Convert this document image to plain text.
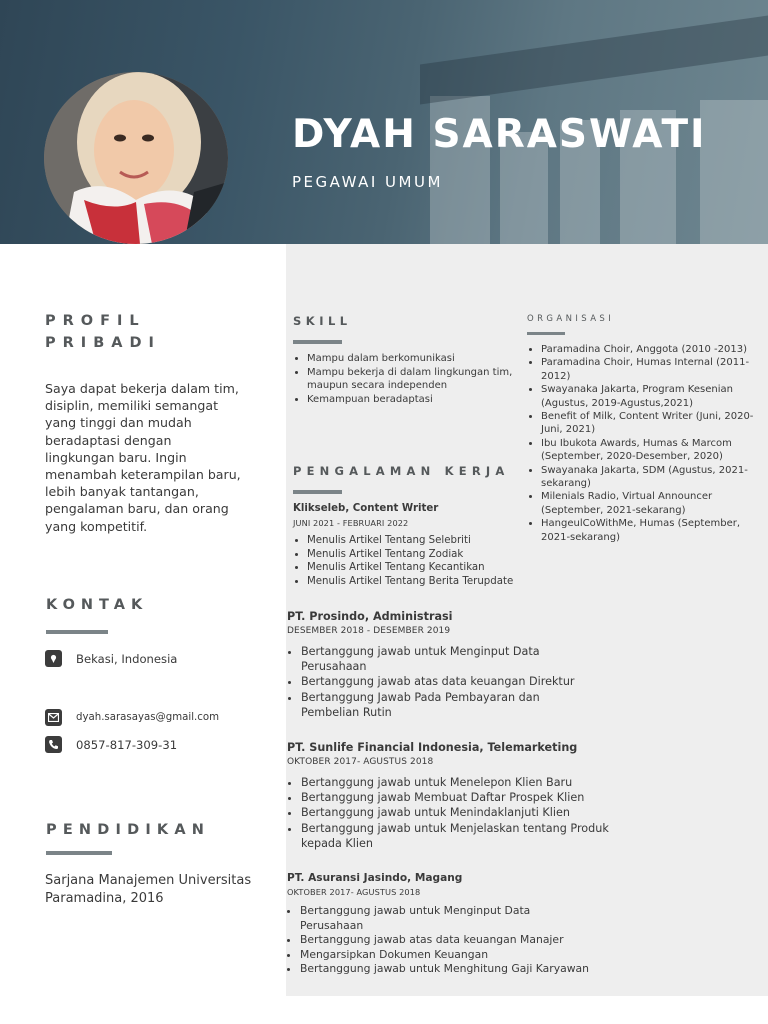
DYAH SARASWATI

PEGAWAI UMUM

PROFIL

PRIBADI

Saya dapat bekerja dalam tim, disiplin, memiliki semangat yang tinggi dan mudah beradaptasi dengan lingkungan baru. Ingin menambah keterampilan baru, lebih banyak tantangan, pengalaman baru, dan orang yang kompetitif.

KONTAK

Bekasi, Indonesia
dyah.sarasayas@gmail.com
0857-817-309-31

PENDIDIKAN

Sarjana Manajemen Universitas Paramadina, 2016

SKILL

• Mampu dalam berkomunikasi
• Mampu bekerja di dalam lingkungan tim, maupun secara independen
• Kemampuan beradaptasi

ORGANISASI

• Paramadina Choir, Anggota (2010 -2013)
• Paramadina Choir, Humas Internal (2011-2012)
• Swayanaka Jakarta, Program Kesenian (Agustus, 2019-Agustus,2021)
• Benefit of Milk, Content Writer (Juni, 2020-Juni, 2021)
• Ibu Ibukota Awards, Humas & Marcom (September, 2020-Desember, 2020)
• Swayanaka Jakarta, SDM (Agustus, 2021-sekarang)
• Milenials Radio, Virtual Announcer (September, 2021-sekarang)
• HangeulCoWithMe, Humas (September, 2021-sekarang)

PENGALAMAN KERJA

Klikseleb, Content Writer

JUNI 2021 - FEBRUARI 2022

• Menulis Artikel Tentang Selebriti
• Menulis Artikel Tentang Zodiak
• Menulis Artikel Tentang Kecantikan
• Menulis Artikel Tentang Berita Terupdate

PT. Prosindo, Administrasi

DESEMBER 2018 - DESEMBER 2019

• Bertanggung jawab untuk Menginput Data Perusahaan
• Bertanggung jawab atas data keuangan Direktur
• Bertanggung Jawab Pada Pembayaran dan Pembelian Rutin

PT. Sunlife Financial Indonesia, Telemarketing

OKTOBER 2017- AGUSTUS 2018

• Bertanggung jawab untuk Menelepon Klien Baru
• Bertanggung jawab Membuat Daftar Prospek Klien
• Bertanggung jawab untuk Menindaklanjuti Klien
• Bertanggung jawab untuk Menjelaskan tentang Produk kepada Klien

PT. Asuransi Jasindo, Magang

OKTOBER 2017- AGUSTUS 2018

• Bertanggung jawab untuk Menginput Data Perusahaan
• Bertanggung jawab atas data keuangan Manajer
• Mengarsipkan Dokumen Keuangan
• Bertanggung jawab untuk Menghitung Gaji Karyawan
